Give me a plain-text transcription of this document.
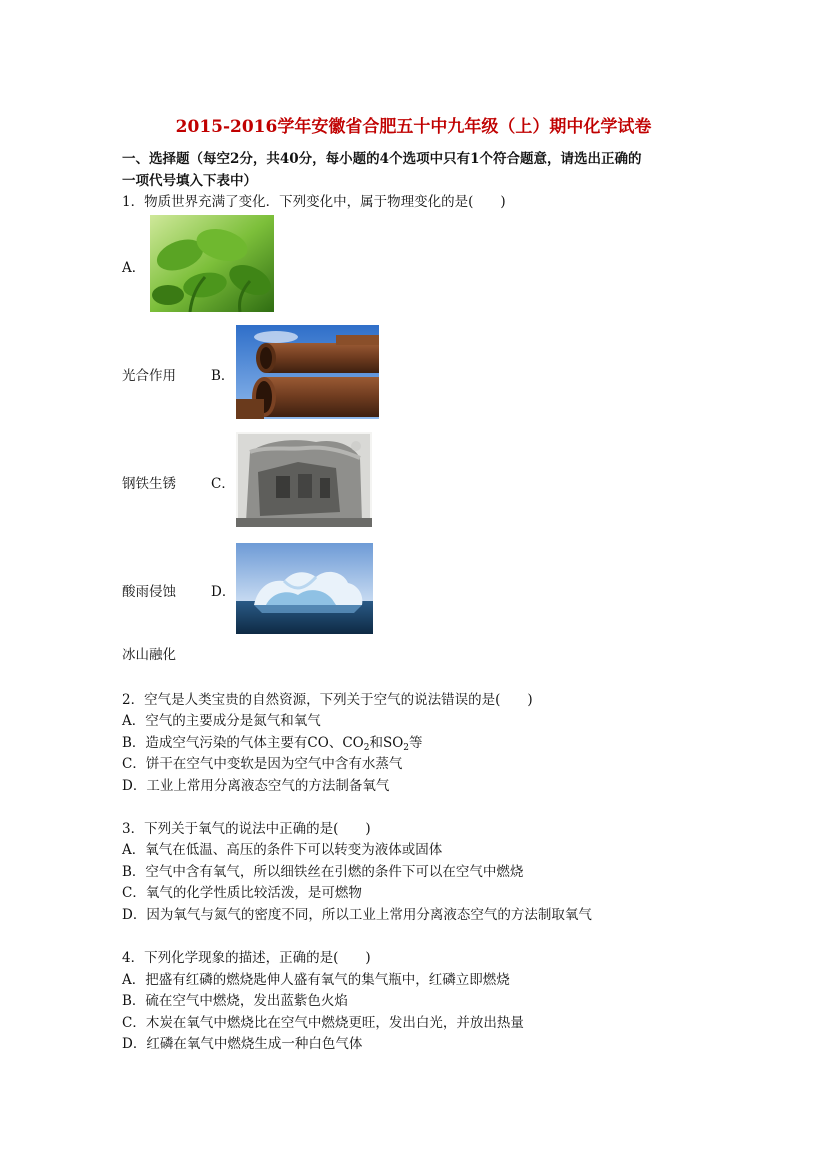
2015-2016学年安徽省合肥五十中九年级（上）期中化学试卷
一、选择题（每空2分，共40分，每小题的4个选项中只有1个符合题意，请选出正确的
一项代号填入下表中）
1．物质世界充满了变化．下列变化中，属于物理变化的是(　　)
A．
光合作用	B．
钢铁生锈	C．
酸雨侵蚀	D．
冰山融化
2．空气是人类宝贵的自然资源，下列关于空气的说法错误的是(　　)
A．空气的主要成分是氮气和氧气
B．造成空气污染的气体主要有CO、$CO_2$和$SO_2$等
C．饼干在空气中变软是因为空气中含有水蒸气
D．工业上常用分离液态空气的方法制备氧气
3．下列关于氧气的说法中正确的是(　　)
A．氧气在低温、高压的条件下可以转变为液体或固体
B．空气中含有氧气，所以细铁丝在引燃的条件下可以在空气中燃烧
C．氧气的化学性质比较活泼，是可燃物
D．因为氧气与氮气的密度不同，所以工业上常用分离液态空气的方法制取氧气
4．下列化学现象的描述，正确的是(　　)
A．把盛有红磷的燃烧匙伸人盛有氧气的集气瓶中，红磷立即燃烧
B．硫在空气中燃烧，发出蓝紫色火焰
C．木炭在氧气中燃烧比在空气中燃烧更旺，发出白光，并放出热量
D．红磷在氧气中燃烧生成一种白色气体
